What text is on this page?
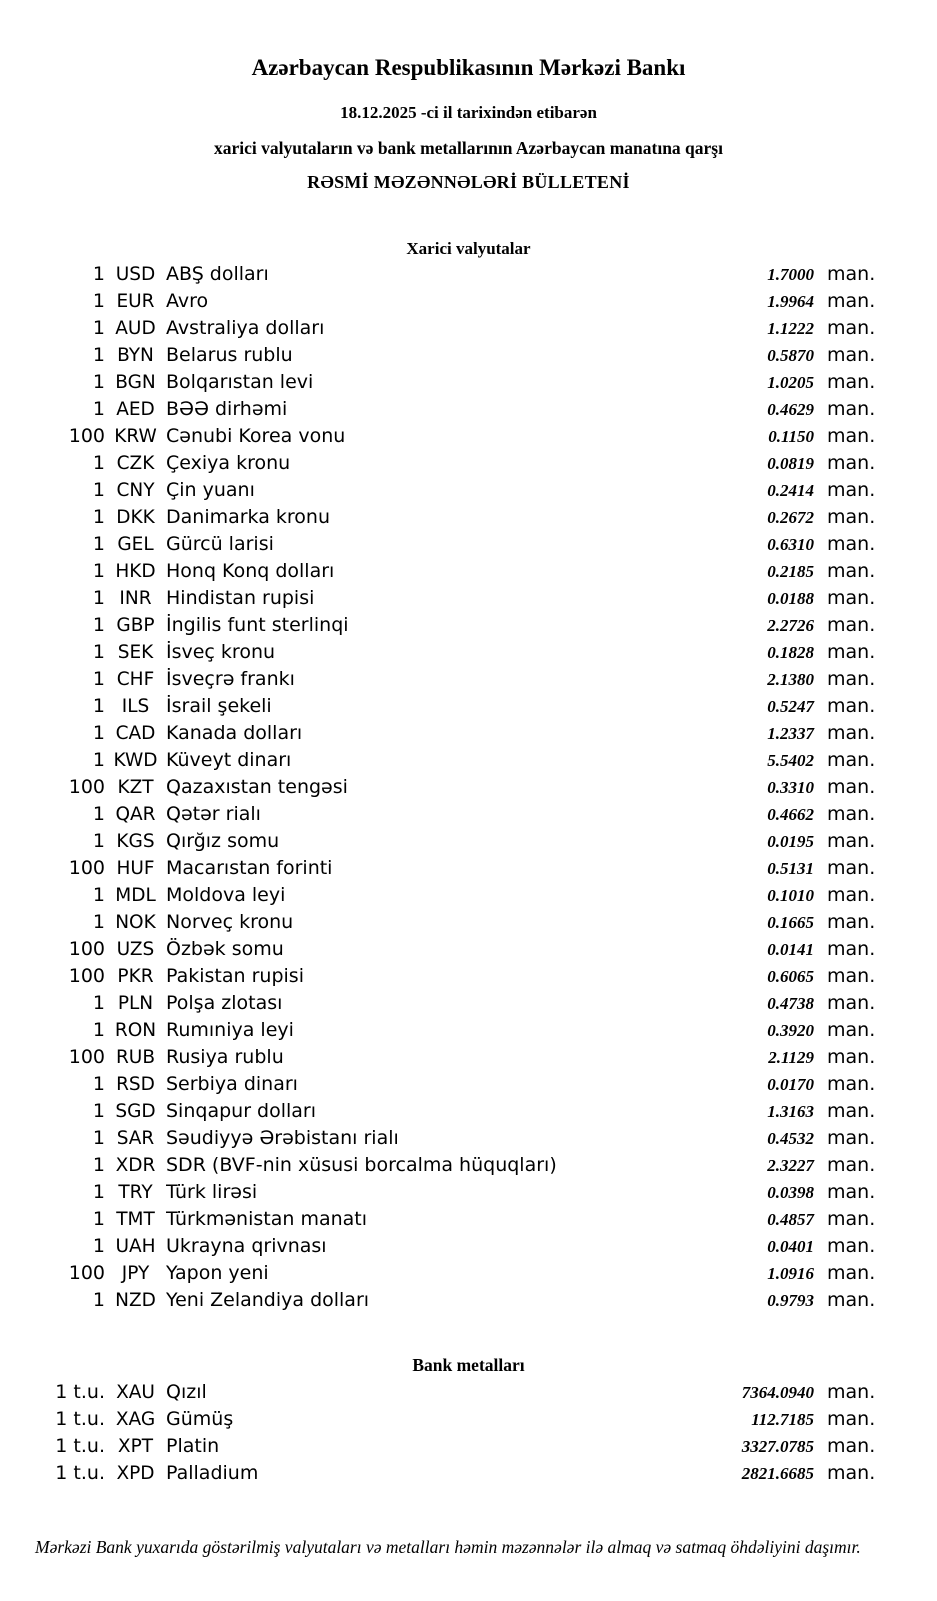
Azərbaycan Respublikasının Mərkəzi Bankı
18.12.2025 -ci il tarixindən etibarən
xarici valyutaların və bank metallarının Azərbaycan manatına qarşı
RƏSMİ MƏZƏNNƏLƏRİ BÜLLETENİ
Xarici valyutalar
1 USD ABŞ dolları	1.7000 man.
1 EUR Avro	1.9964 man.
1 AUD Avstraliya dolları	1.1222 man.
1 BYN Belarus rublu	0.5870 man.
1 BGN Bolqarıstan levi	1.0205 man.
1 AED BƏƏ dirhəmi	0.4629 man.
100 KRW Cənubi Korea vonu	0.1150 man.
1 CZK Çexiya kronu	0.0819 man.
1 CNY Çin yuanı	0.2414 man.
1 DKK Danimarka kronu	0.2672 man.
1 GEL Gürcü larisi	0.6310 man.
1 HKD Honq Konq dolları	0.2185 man.
1 INR Hindistan rupisi	0.0188 man.
1 GBP İngilis funt sterlinqi	2.2726 man.
1 SEK İsveç kronu	0.1828 man.
1 CHF İsveçrə frankı	2.1380 man.
1 ILS İsrail şekeli	0.5247 man.
1 CAD Kanada dolları	1.2337 man.
1 KWD Küveyt dinarı	5.5402 man.
100 KZT Qazaxıstan tengəsi	0.3310 man.
1 QAR Qətər rialı	0.4662 man.
1 KGS Qırğız somu	0.0195 man.
100 HUF Macarıstan forinti	0.5131 man.
1 MDL Moldova leyi	0.1010 man.
1 NOK Norveç kronu	0.1665 man.
100 UZS Özbək somu	0.0141 man.
100 PKR Pakistan rupisi	0.6065 man.
1 PLN Polşa zlotası	0.4738 man.
1 RON Rumıniya leyi	0.3920 man.
100 RUB Rusiya rublu	2.1129 man.
1 RSD Serbiya dinarı	0.0170 man.
1 SGD Sinqapur dolları	1.3163 man.
1 SAR Səudiyyə Ərəbistanı rialı	0.4532 man.
1 XDR SDR (BVF-nin xüsusi borcalma hüquqları)	2.3227 man.
1 TRY Türk lirəsi	0.0398 man.
1 TMT Türkmənistan manatı	0.4857 man.
1 UAH Ukrayna qrivnası	0.0401 man.
100 JPY Yapon yeni	1.0916 man.
1 NZD Yeni Zelandiya dolları	0.9793 man.
Bank metalları
1 t.u. XAU Qızıl	7364.0940 man.
1 t.u. XAG Gümüş	112.7185 man.
1 t.u. XPT Platin	3327.0785 man.
1 t.u. XPD Palladium	2821.6685 man.
Mərkəzi Bank yuxarıda göstərilmiş valyutaları və metalları həmin məzənnələr ilə almaq və satmaq öhdəliyini daşımır.
